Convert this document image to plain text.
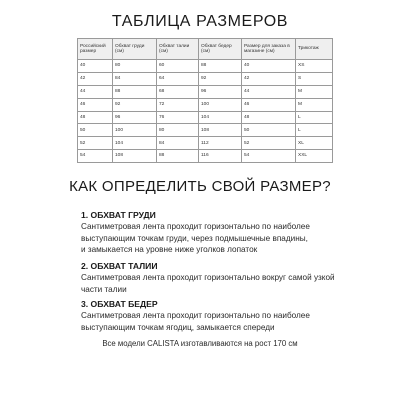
ТАБЛИЦА РАЗМЕРОВ
Российский размер	Обхват груди (см)	Обхват талии (см)	Обхват бедер (см)	Размер для заказа в магазине (см)	Трикотаж
40	80	60	88	40	XS
42	84	64	92	42	S
44	88	68	96	44	M
46	92	72	100	46	M
48	96	76	104	48	L
50	100	80	108	50	L
52	104	84	112	52	XL
54	108	88	116	54	XXL
КАК ОПРЕДЕЛИТЬ СВОЙ РАЗМЕР?
1. ОБХВАТ ГРУДИ
Сантиметровая лента проходит горизонтально по наиболее
выступающим точкам груди, через подмышечные впадины,
и замыкается на уровне ниже уголков лопаток
2. ОБХВАТ ТАЛИИ
Сантиметровая лента проходит горизонтально вокруг самой узкой
части талии
3. ОБХВАТ БЕДЕР
Сантиметровая лента проходит горизонтально по наиболее
выступающим точкам ягодиц, замыкается спереди
Все модели CALISTA изготавливаются на рост 170 см
